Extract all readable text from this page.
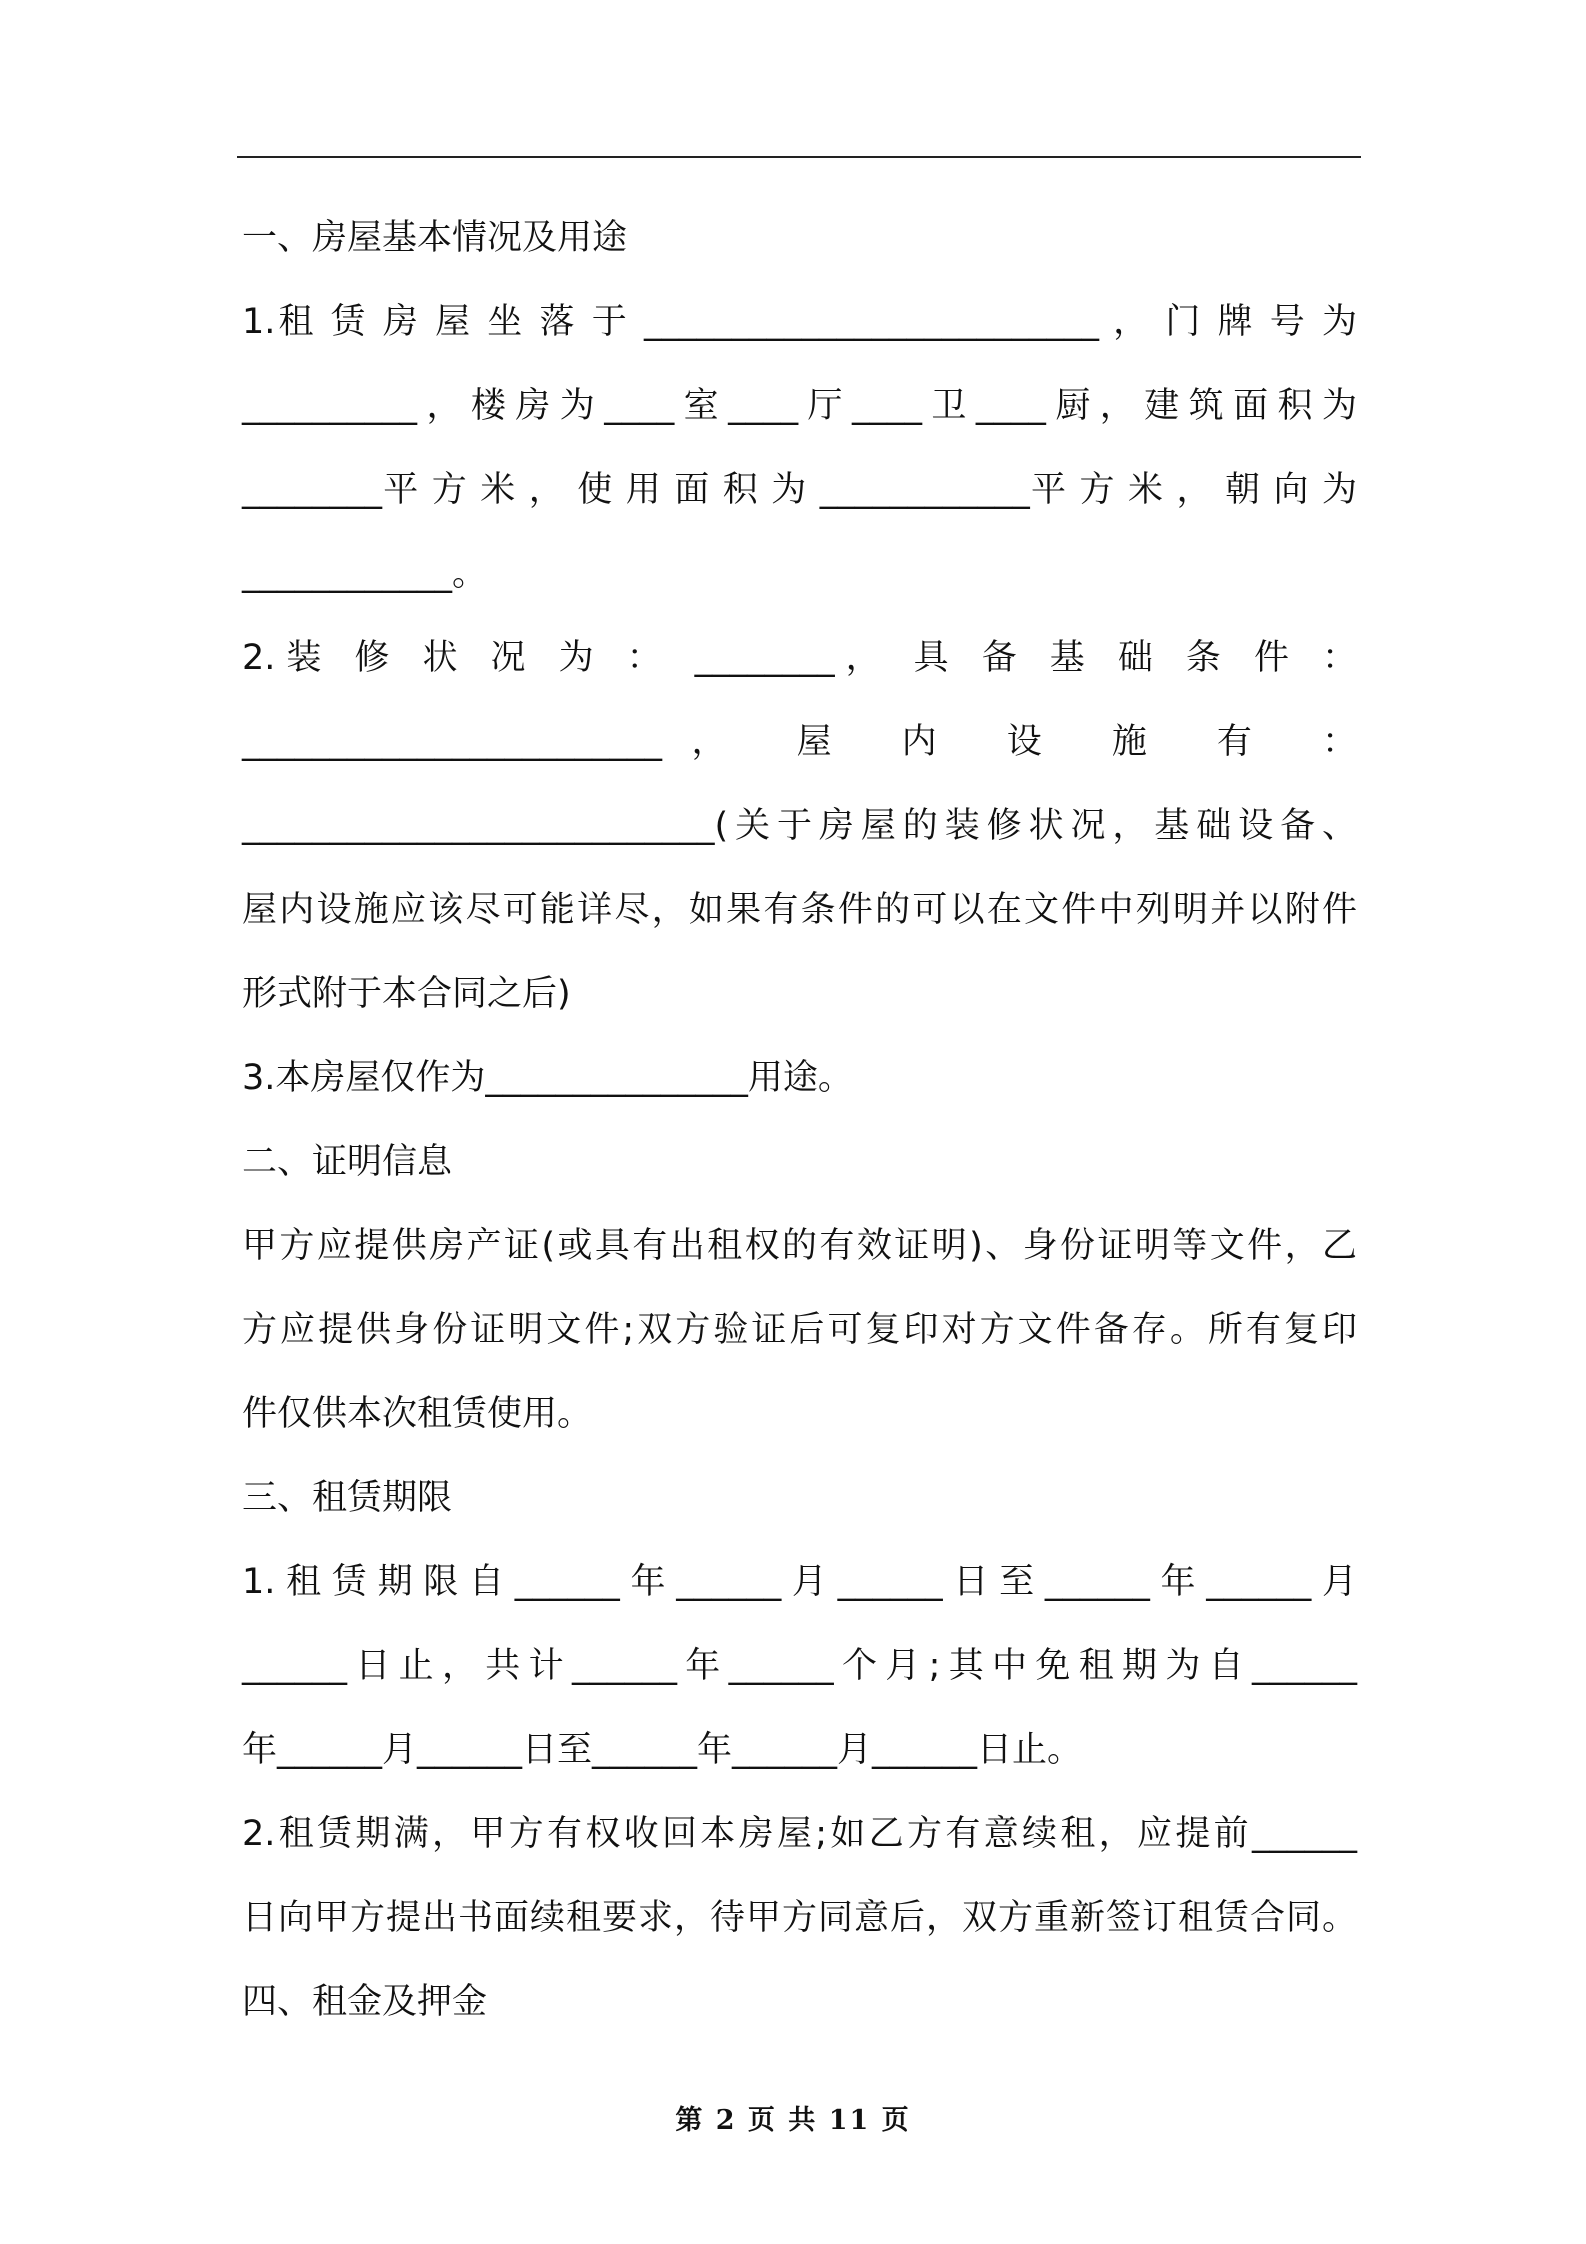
一、房屋基本情况及用途
1.租 赁 房 屋 坐 落 于 __________________________ ， 门 牌 号 为
__________，楼房为____室____厅____卫____厨，建筑面积为
________平 方 米 ， 使 用 面 积 为 ____________平 方 米 ， 朝 向 为
____________。
2.装 修 状 况 为 ： ________， 具 备 基 础 条 件 ：
________________________， 屋 内 设 施 有 ：
___________________________(关于房屋的装修状况，基础设备、
屋内设施应该尽可能详尽，如果有条件的可以在文件中列明并以附件
形式附于本合同之后)
3.本房屋仅作为_______________用途。
二、证明信息
甲方应提供房产证(或具有出租权的有效证明)、身份证明等文件，乙
方应提供身份证明文件;双方验证后可复印对方文件备存。所有复印
件仅供本次租赁使用。
三、租赁期限
1.租赁期限自______年______月______日至______年______月
______日止，共计______年______个月;其中免租期为自______
年______月______日至______年______月______日止。
2.租赁期满，甲方有权收回本房屋;如乙方有意续租，应提前______
日向甲方提出书面续租要求，待甲方同意后，双方重新签订租赁合同。
四、租金及押金
第 2 页 共 11 页
